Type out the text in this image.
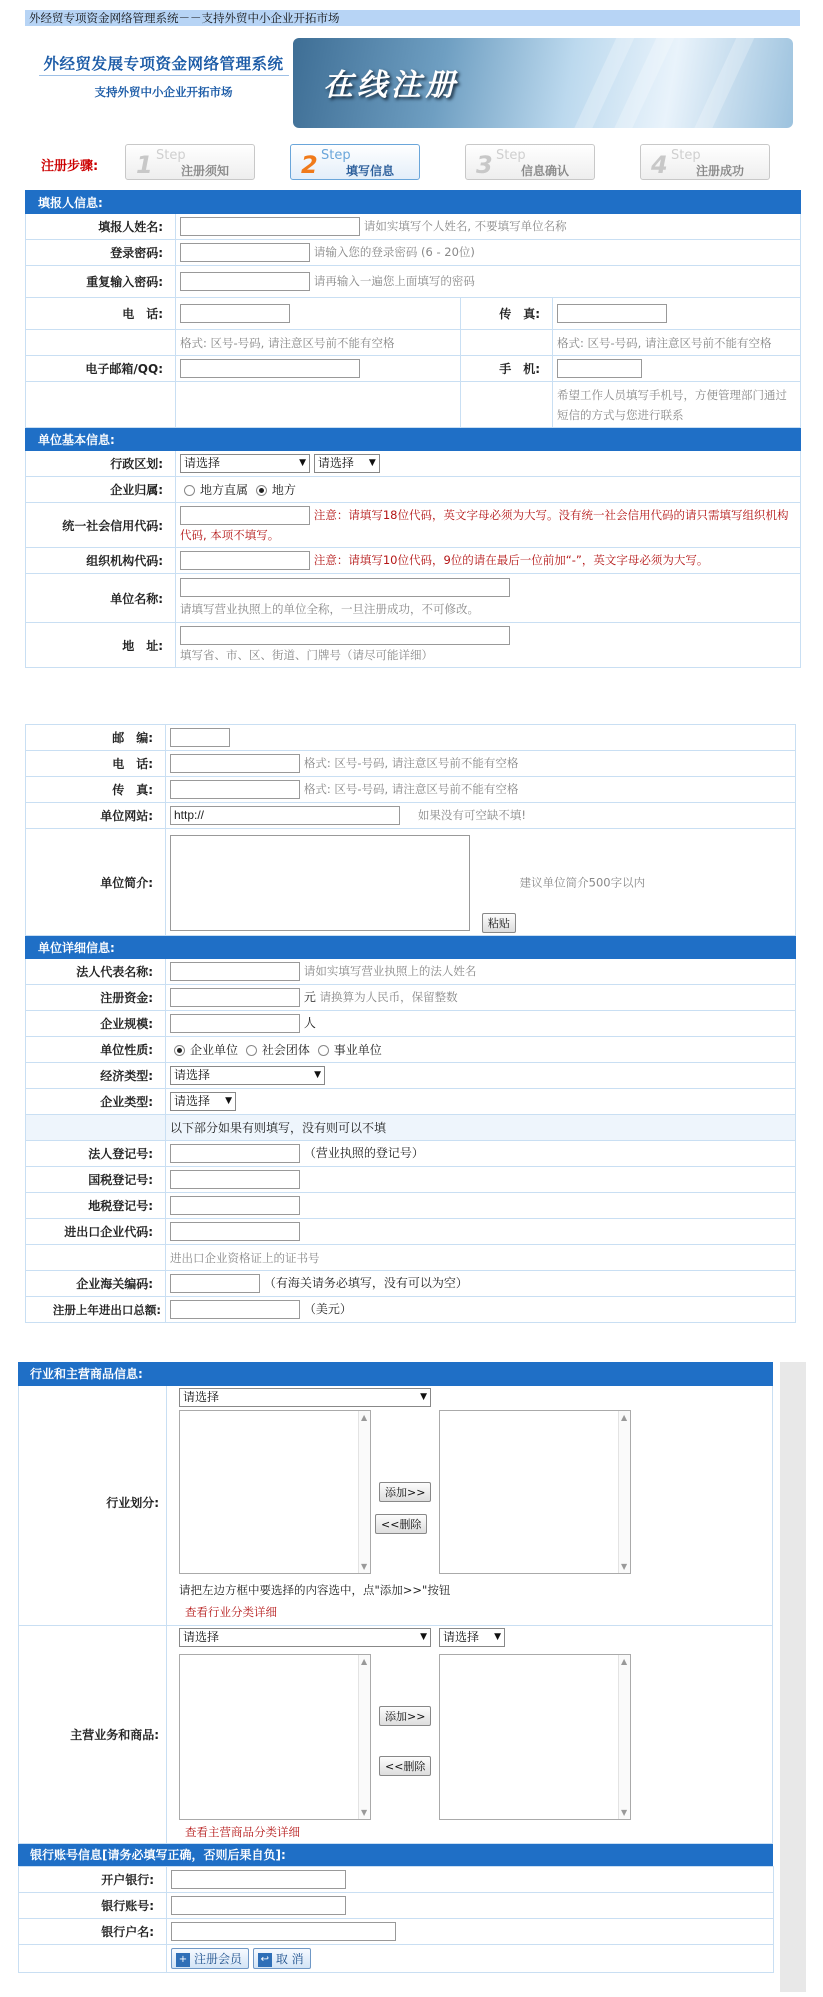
外经贸专项资金网络管理系统－－支持外贸中小企业开拓市场
外经贸发展专项资金网络管理系统
支持外贸中小企业开拓市场	在线注册
注册步骤: 1 Step
注册须知	2 Step
填写信息	3 Step
信息确认	4 Step
注册成功
填报人信息:			
填报人姓名:	请如实填写个人姓名, 不要填写单位名称		
登录密码:	请输入您的登录密码 (6 - 20位)		
重复输入密码:	请再输入一遍您上面填写的密码		
电　话:		传　真:	
	格式: 区号-号码, 请注意区号前不能有空格		格式: 区号-号码, 请注意区号前不能有空格
电子邮箱/QQ:		手　机:	
			希望工作人员填写手机号，方便管理部门通过短信的方式与您进行联系
单位基本信息:			
行政区划:	请选择 ▼ 请选择 ▼		

企业归属:	地方直属 地方		
统一社会信用代码:	注意：请填写18位代码，英文字母必须为大写。没有统一社会信用代码的请只需填写组织机构代码, 本项不填写。		
组织机构代码:	注意：请填写10位代码，9位的请在最后一位前加“-”，英文字母必须为大写。		
单位名称:	请填写营业执照上的单位全称，一旦注册成功，不可修改。		
地　址:	填写省、市、区、街道、门牌号（请尽可能详细）		
邮　编:	
电　话:	格式: 区号-号码, 请注意区号前不能有空格
传　真:	格式: 区号-号码, 请注意区号前不能有空格
单位网站:	http:// 如果没有可空缺不填!
单位简介:	粘贴 建议单位简介500字以内
单位详细信息:	
法人代表名称:	请如实填写营业执照上的法人姓名
注册资金:	元 请换算为人民币，保留整数
企业规模:	人
单位性质:	企业单位 社会团体 事业单位
经济类型:	请选择 ▼

企业类型:	请选择 ▼

	以下部分如果有则填写，没有则可以不填
法人登记号:	（营业执照的登记号）
国税登记号:	
地税登记号:	
进出口企业代码:	
	进出口企业资格证上的证书号
企业海关编码:	（有海关请务必填写，没有可以为空）
注册上年进出口总额:	（美元）
行业和主营商品信息:
行业划分:
请选择	▼
▲
▼
添加>>
<<删除
▲
▼
请把左边方框中要选择的内容选中，点"添加>>"按钮
查看行业分类详细
主营业务和商品:
请选择	▼	请选择 ▼
▲
▼
添加>>
<<删除
▲
▼
查看主营商品分类详细
银行账号信息[请务必填写正确，否则后果自负]:
开户银行:	
银行账号:	
银行户名:	
	+ 注册会员 ↩ 取 消
